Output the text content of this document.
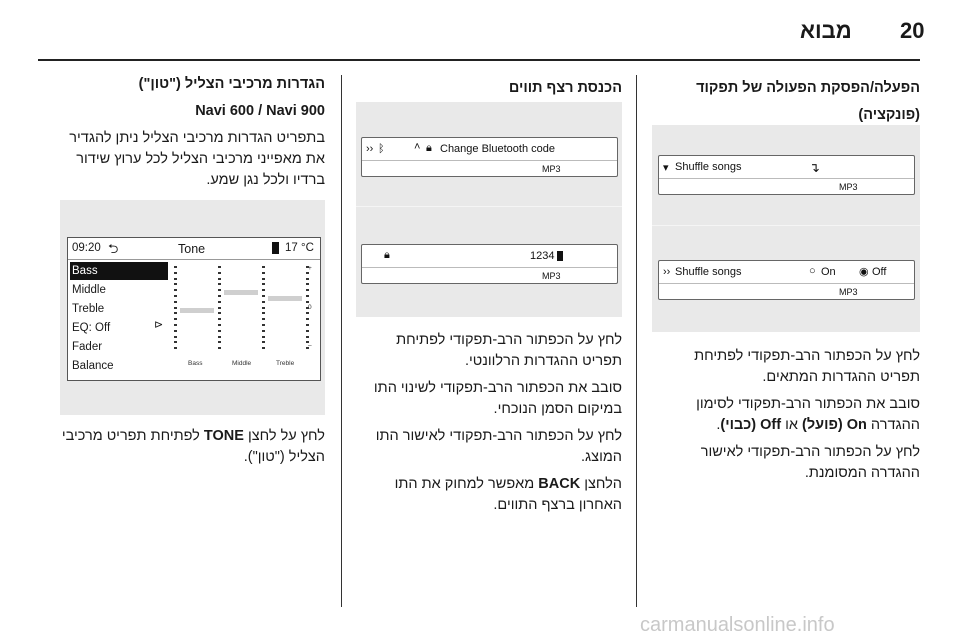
20
מבוא

הפעלה/הפסקת הפעולה של תפקוד

(פונקציה)

▾ Shuffle songs	↴
MP3
›› Shuffle songs	○ On ◉ Off
MP3

לחץ על הכפתור הרב-תפקודי לפתיחת תפריט ההגדרות המתאים.

סובב את הכפתור הרב-תפקודי לסימון
ההגדרה On (פועל) או Off (כבוי).

לחץ על הכפתור הרב-תפקודי לאישור ההגדרה המסומנת.

הכנסת רצף תווים

›› ᛒ	˄ 🔒︎ Change Bluetooth code
MP3
🔒︎	1234
MP3

לחץ על הכפתור הרב-תפקודי לפתיחת תפריט ההגדרות הרלוונטי.

סובב את הכפתור הרב-תפקודי לשינוי התו במיקום הסמן הנוכחי.

לחץ על הכפתור הרב-תפקודי לאישור התו המוצג.

הלחצן BACK מאפשר למחוק את התו האחרון ברצף התווים.

הגדרות מרכיבי הצליל ("טון")

Navi 600 / Navi 900

בתפריט הגדרות מרכיבי הצליל ניתן להגדיר את מאפייני מרכיבי הצליל לכל ערוץ שידור ברדיו ולכל נגן שמע.

09:20 ⮌	Tone	17 °C
Bass
Middle
Treble
EQ: Off
Fader
Balance
⊳
Bass	Middle	Treble
+
0
–

לחץ על לחצן TONE לפתיחת תפריט מרכיבי הצליל ("טון").

carmanualsonline.info
